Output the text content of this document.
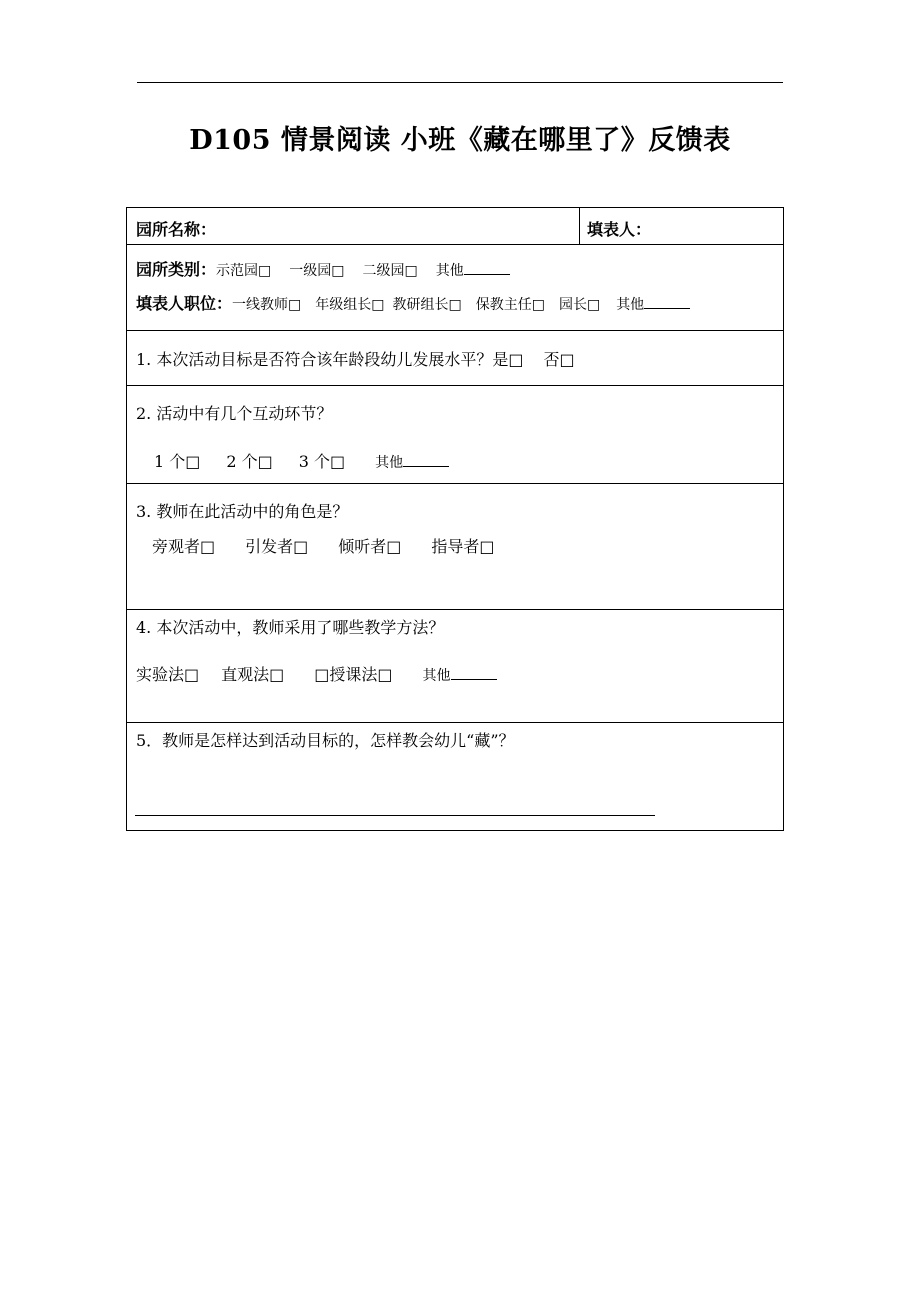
D105 情景阅读 小班《藏在哪里了》反馈表
园所名称：	填表人：
园所类别：示范园□ 一级园□ 二级园□ 其他
填表人职位：一线教师□ 年级组长□ 教研组长□ 保教主任□ 园长□ 其他
1. 本次活动目标是否符合该年龄段幼儿发展水平？是□ 否□
2. 活动中有几个互动环节？
1 个□ 2 个□ 3 个□ 其他
3. 教师在此活动中的角色是？
旁观者□ 引发者□ 倾听者□ 指导者□
4. 本次活动中，教师采用了哪些教学方法？
实验法□ 直观法□ □授课法□ 其他
5．教师是怎样达到活动目标的，怎样教会幼儿“藏”？
